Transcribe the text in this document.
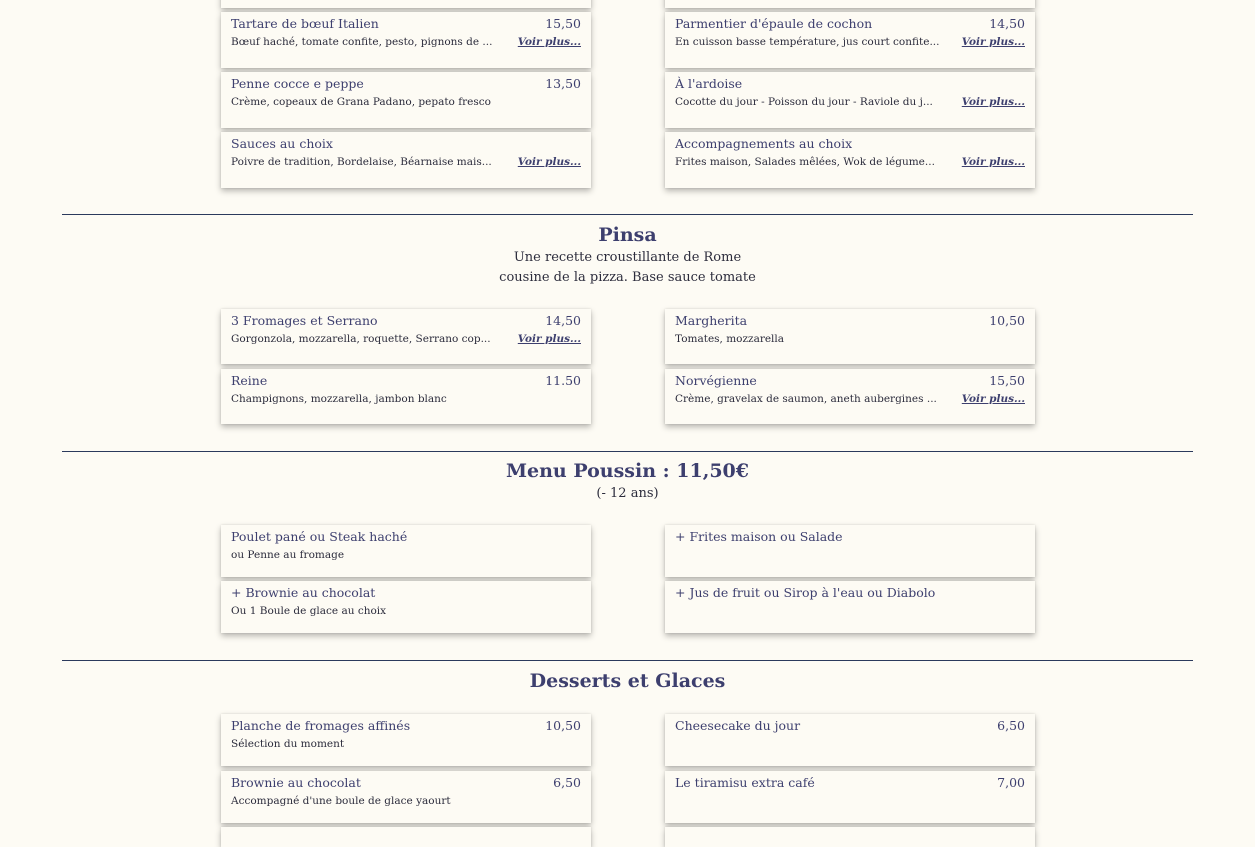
Tartare de bœuf Italien	15,50
Bœuf haché, tomate confite, pesto, pignons de ... Voir plus...
Parmentier d'épaule de cochon	14,50
En cuisson basse température, jus court confite... Voir plus...
Penne cocce e peppe	13,50
Crème, copeaux de Grana Padano, pepato fresco
À l'ardoise
Cocotte du jour - Poisson du jour - Raviole du j...	Voir plus...
Sauces au choix
Poivre de tradition, Bordelaise, Béarnaise mais... Voir plus...
Accompagnements au choix
Frites maison, Salades mêlées, Wok de légume...	Voir plus...
Pinsa
Une recette croustillante de Rome
cousine de la pizza. Base sauce tomate
3 Fromages et Serrano	14,50
Gorgonzola, mozzarella, roquette, Serrano cop...	Voir plus...
Margherita	10,50
Tomates, mozzarella
Reine	11.50
Champignons, mozzarella, jambon blanc
Norvégienne	15,50
Crème, gravelax de saumon, aneth aubergines ... Voir plus...
Menu Poussin : 11,50€
(- 12 ans)
Poulet pané ou Steak haché
ou Penne au fromage
+ Frites maison ou Salade
+ Brownie au chocolat
Ou 1 Boule de glace au choix
+ Jus de fruit ou Sirop à l'eau ou Diabolo
Desserts et Glaces
Planche de fromages affinés	10,50
Sélection du moment
Cheesecake du jour	6,50
Brownie au chocolat	6,50
Accompagné d'une boule de glace yaourt
Le tiramisu extra café	7,00
